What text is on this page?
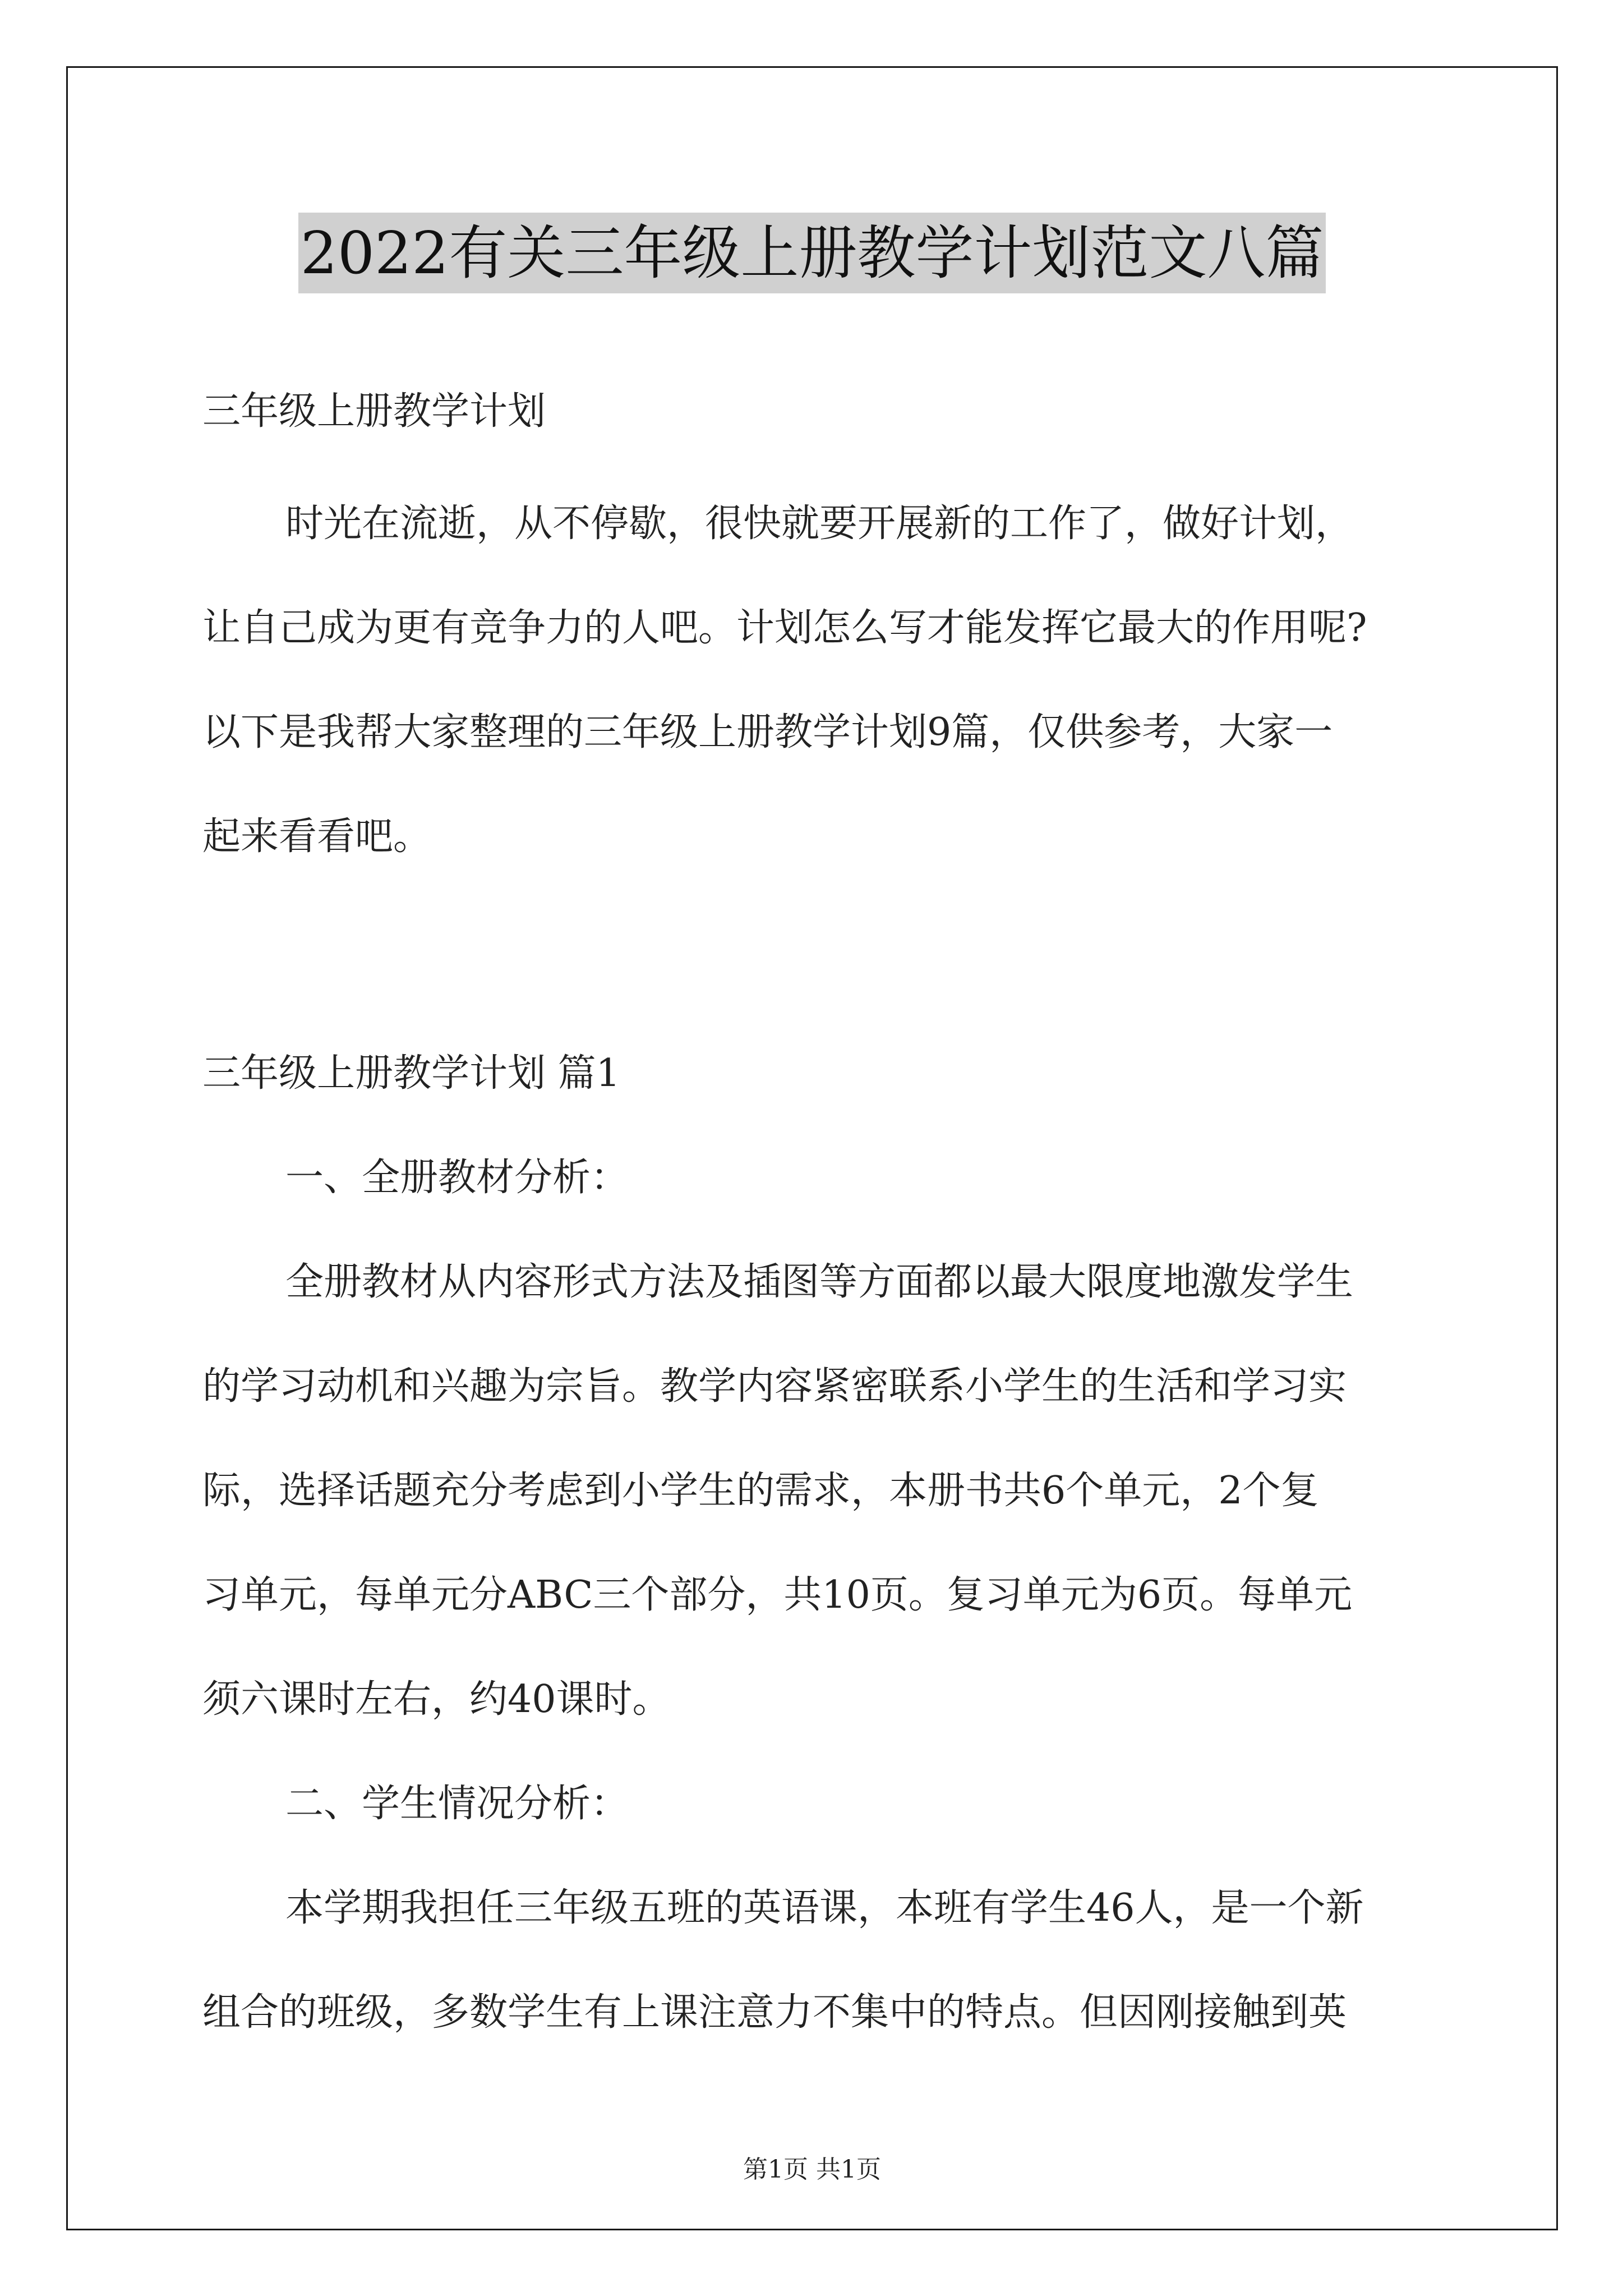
2022有关三年级上册教学计划范文八篇
三年级上册教学计划
时光在流逝，从不停歇，很快就要开展新的工作了，做好计划，
让自己成为更有竞争力的人吧。计划怎么写才能发挥它最大的作用呢?
以下是我帮大家整理的三年级上册教学计划9篇，仅供参考，大家一
起来看看吧。
三年级上册教学计划 篇1
一、全册教材分析：
全册教材从内容形式方法及插图等方面都以最大限度地激发学生
的学习动机和兴趣为宗旨。教学内容紧密联系小学生的生活和学习实
际，选择话题充分考虑到小学生的需求，本册书共6个单元，2个复
习单元，每单元分ABC三个部分，共10页。复习单元为6页。每单元
须六课时左右，约40课时。
二、学生情况分析：
本学期我担任三年级五班的英语课，本班有学生46人，是一个新
组合的班级，多数学生有上课注意力不集中的特点。但因刚接触到英
第1页 共1页
